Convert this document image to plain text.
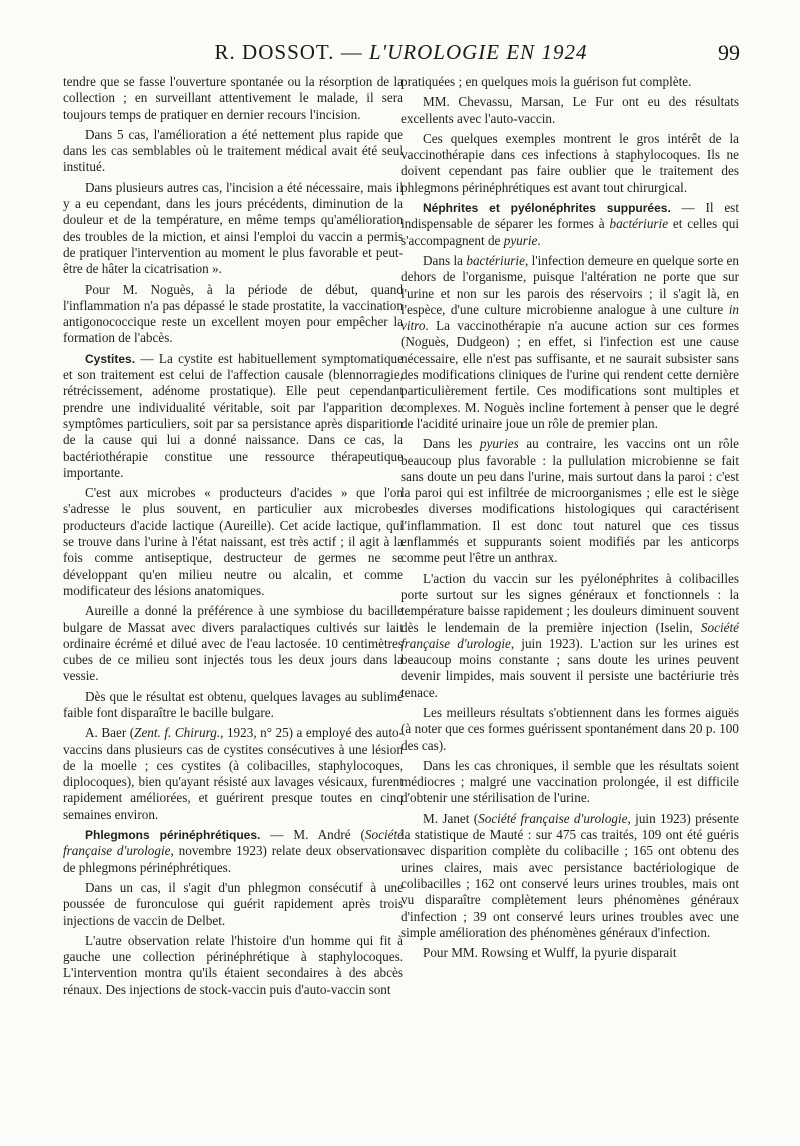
R. DOSSOT. — L'UROLOGIE EN 1924	99

tendre que se fasse l'ouverture spontanée ou la résorption de la collection ; en surveillant attentivement le malade, il sera toujours temps de pratiquer en dernier recours l'incision.

Dans 5 cas, l'amélioration a été nettement plus rapide que dans les cas semblables où le traitement médical avait été seul institué.

Dans plusieurs autres cas, l'incision a été nécessaire, mais il y a eu cependant, dans les jours précédents, diminution de la douleur et de la température, en même temps qu'amélioration des troubles de la miction, et ainsi l'emploi du vaccin a permis de pratiquer l'intervention au moment le plus favorable et peut-être de hâter la cicatrisation ».

Pour M. Noguès, à la période de début, quand l'inflammation n'a pas dépassé le stade prostatite, la vaccination antigonococcique reste un excellent moyen pour empêcher la formation de l'abcès.

Cystites. — La cystite est habituellement symptomatique et son traitement est celui de l'affection causale (blennorragie, rétrécissement, adénome prostatique). Elle peut cependant prendre une individualité véritable, soit par l'apparition de symptômes particuliers, soit par sa persistance après disparition de la cause qui lui a donné naissance. Dans ce cas, la bactériothérapie constitue une ressource thérapeutique importante.

C'est aux microbes « producteurs d'acides » que l'on s'adresse le plus souvent, en particulier aux microbes producteurs d'acide lactique (Aureille). Cet acide lactique, qui se trouve dans l'urine à l'état naissant, est très actif ; il agit à la fois comme antiseptique, destructeur de germes ne se développant qu'en milieu neutre ou alcalin, et comme modificateur des lésions anatomiques.

Aureille a donné la préférence à une symbiose du bacille bulgare de Massat avec divers paralactiques cultivés sur lait ordinaire écrémé et dilué avec de l'eau lactosée. 10 centimètres cubes de ce milieu sont injectés tous les deux jours dans la vessie.

Dès que le résultat est obtenu, quelques lavages au sublimé faible font disparaître le bacille bulgare.

A. Baer (Zent. f. Chirurg., 1923, n° 25) a employé des auto-vaccins dans plusieurs cas de cystites consécutives à une lésion de la moelle ; ces cystites (à colibacilles, staphylocoques, diplocoques), bien qu'ayant résisté aux lavages vésicaux, furent rapidement améliorées, et guérirent presque toutes en cinq semaines environ.

Phlegmons périnéphrétiques. — M. André (Société française d'urologie, novembre 1923) relate deux observations de phlegmons périnéphrétiques.

Dans un cas, il s'agit d'un phlegmon consécutif à une poussée de furonculose qui guérit rapidement après trois injections de vaccin de Delbet.

L'autre observation relate l'histoire d'un homme qui fit à gauche une collection périnéphrétique à staphylocoques. L'intervention montra qu'ils étaient secondaires à des abcès rénaux. Des injections de stock-vaccin puis d'auto-vaccin sont

pratiquées ; en quelques mois la guérison fut complète.

MM. Chevassu, Marsan, Le Fur ont eu des résultats excellents avec l'auto-vaccin.

Ces quelques exemples montrent le gros intérêt de la vaccinothérapie dans ces infections à staphylocoques. Ils ne doivent cependant pas faire oublier que le traitement des phlegmons périnéphrétiques est avant tout chirurgical.

Néphrites et pyélonéphrites suppurées. — Il est indispensable de séparer les formes à bactériurie et celles qui s'accompagnent de pyurie.

Dans la bactériurie, l'infection demeure en quelque sorte en dehors de l'organisme, puisque l'altération ne porte que sur l'urine et non sur les parois des réservoirs ; il s'agit là, en l'espèce, d'une culture microbienne analogue à une culture in vitro. La vaccinothérapie n'a aucune action sur ces formes (Noguès, Dudgeon) ; en effet, si l'infection est une cause nécessaire, elle n'est pas suffisante, et ne saurait subsister sans des modifications cliniques de l'urine qui rendent cette dernière particulièrement fertile. Ces modifications sont multiples et complexes. M. Noguès incline fortement à penser que le degré de l'acidité urinaire joue un rôle de premier plan.

Dans les pyuries au contraire, les vaccins ont un rôle beaucoup plus favorable : la pullulation microbienne se fait sans doute un peu dans l'urine, mais surtout dans la paroi : c'est la paroi qui est infiltrée de microorganismes ; elle est le siège des diverses modifications histologiques qui caractérisent l'inflammation. Il est donc tout naturel que ces tissus enflammés et suppurants soient modifiés par les anticorps comme peut l'être un anthrax.

L'action du vaccin sur les pyélonéphrites à colibacilles porte surtout sur les signes généraux et fonctionnels : la température baisse rapidement ; les douleurs diminuent souvent dès le lendemain de la première injection (Iselin, Société française d'urologie, juin 1923). L'action sur les urines est beaucoup moins constante ; sans doute les urines peuvent devenir limpides, mais souvent il persiste une bactériurie très tenace.

Les meilleurs résultats s'obtiennent dans les formes aiguës (à noter que ces formes guérissent spontanément dans 20 p. 100 des cas).

Dans les cas chroniques, il semble que les résultats soient médiocres ; malgré une vaccination prolongée, il est difficile d'obtenir une stérilisation de l'urine.

M. Janet (Société française d'urologie, juin 1923) présente la statistique de Mauté : sur 475 cas traités, 109 ont été guéris avec disparition complète du colibacille ; 165 ont obtenu des urines claires, mais avec persistance bactériologique de colibacilles ; 162 ont conservé leurs urines troubles, mais ont vu disparaître complètement leurs phénomènes généraux d'infection ; 39 ont conservé leurs urines troubles avec une simple amélioration des phénomènes généraux d'infection.

Pour MM. Rowsing et Wulff, la pyurie disparait
